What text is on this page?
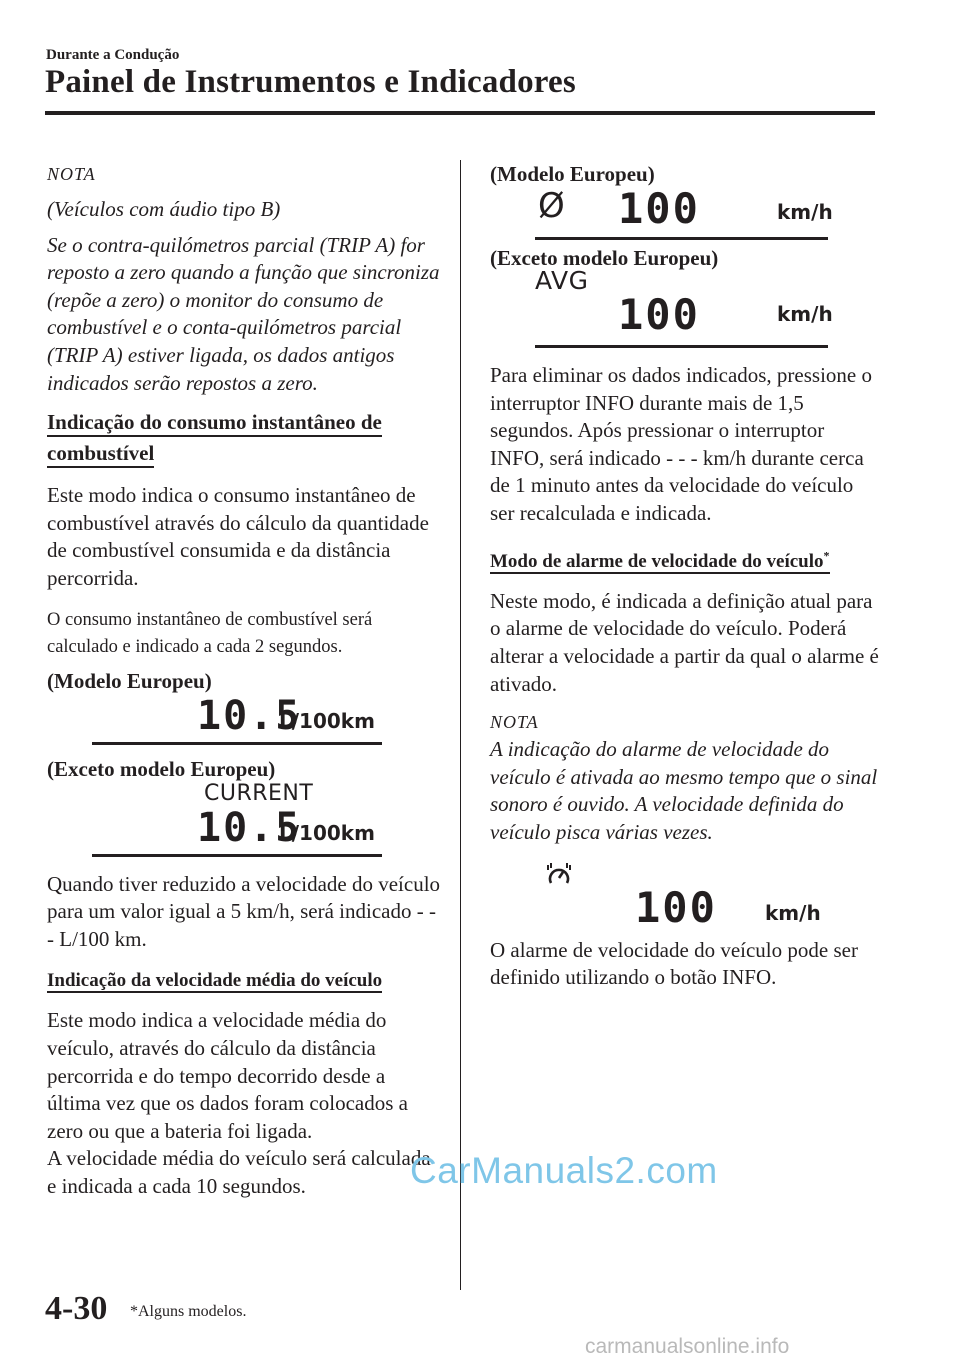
Durante a Condução
Painel de Instrumentos e Indicadores

NOTA

(Veículos com áudio tipo B)

Se o contra-quilómetros parcial (TRIP A) for reposto a zero quando a função que sincroniza (repõe a zero) o monitor do consumo de combustível e o conta-quilómetros parcial (TRIP A) estiver ligada, os dados antigos indicados serão repostos a zero.

Indicação do consumo instantâneo de
combustível

Este modo indica o consumo instantâneo de combustível através do cálculo da quantidade de combustível consumida e da distância percorrida.

O consumo instantâneo de combustível será calculado e indicado a cada 2 segundos.

(Modelo Europeu)

10.5
L/100km

(Exceto modelo Europeu)

CURRENT
10.5
L/100km

Quando tiver reduzido a velocidade do veículo para um valor igual a 5 km/h, será indicado - - - L/100 km.

Indicação da velocidade média do veículo

Este modo indica a velocidade média do veículo, através do cálculo da distância percorrida e do tempo decorrido desde a última vez que os dados foram colocados a zero ou que a bateria foi ligada.

A velocidade média do veículo será calculada e indicada a cada 10 segundos.

(Modelo Europeu)

Ø 100	km/h

(Exceto modelo Europeu)

AVG
100	km/h

Para eliminar os dados indicados, pressione o interruptor INFO durante mais de 1,5 segundos. Após pressionar o interruptor INFO, será indicado - - - km/h durante cerca de 1 minuto antes da velocidade do veículo ser recalculada e indicada.

Modo de alarme de velocidade do veículo*

Neste modo, é indicada a definição atual para o alarme de velocidade do veículo. Poderá alterar a velocidade a partir da qual o alarme é ativado.

NOTA

A indicação do alarme de velocidade do veículo é ativada ao mesmo tempo que o sinal sonoro é ouvido. A velocidade definida do veículo pisca várias vezes.

100 km/h

O alarme de velocidade do veículo pode ser definido utilizando o botão INFO.

4-30 *Alguns modelos.
CarManuals2.com
carmanualsonline.info
